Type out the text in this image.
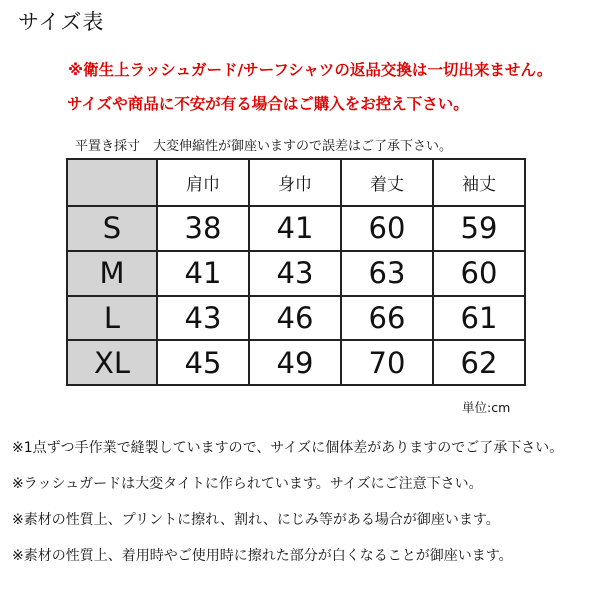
サイズ表
※衛生上ラッシュガード/サーフシャツの返品交換は一切出来ません。
サイズや商品に不安が有る場合はご購入をお控え下さい。
平置き採寸　大変伸縮性が御座いますので誤差はご了承下さい。
	肩巾	身巾	着丈	袖丈
S	38	41	60	59
M	41	43	63	60
L	43	46	66	61
XL	45	49	70	62
単位:cm
※1点ずつ手作業で縫製していますので、サイズに個体差がありますのでご了承下さい。
※ラッシュガードは大変タイトに作られています。サイズにご注意下さい。
※素材の性質上、プリントに擦れ、割れ、にじみ等がある場合が御座います。
※素材の性質上、着用時やご使用時に擦れた部分が白くなることが御座います。
